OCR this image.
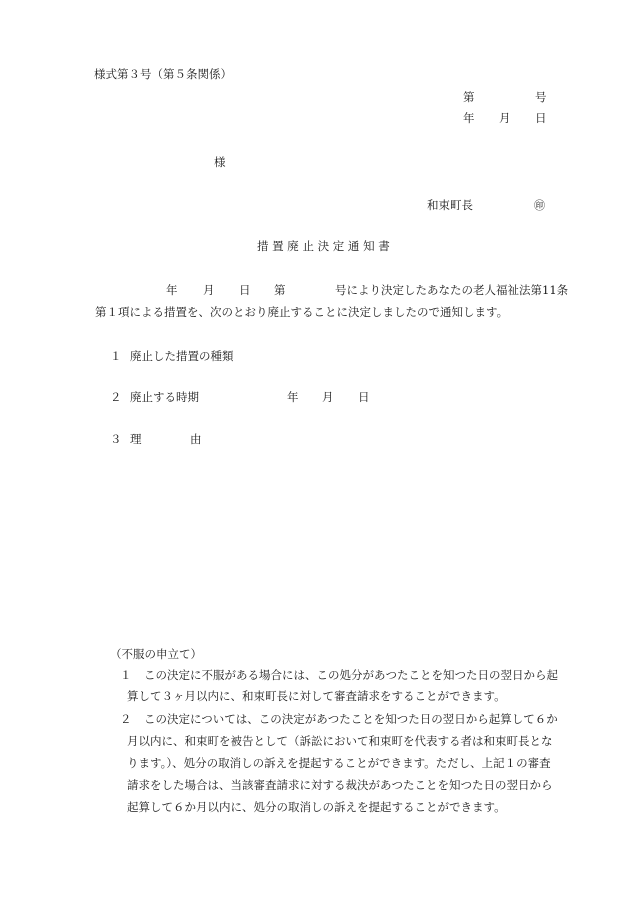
様式第３号（第５条関係）
第	号
年 月 日
様
和束町長	㊞
措 置 廃 止 決 定 通 知 書
年 月 日 第	号により決定したあなたの老人福祉法第11条
第１項による措置を、次のとおり廃止することに決定しましたので通知します。
１ 廃止した措置の種類
２ 廃止する時期	年 月 日
３ 理	由
（不服の申立て）
１ この決定に不服がある場合には、この処分があつたことを知つた日の翌日から起
算して３ヶ月以内に、和束町長に対して審査請求をすることができます。
２ この決定については、この決定があつたことを知つた日の翌日から起算して６か
月以内に、和束町を被告として（訴訟において和束町を代表する者は和束町長とな
ります。）、処分の取消しの訴えを提起することができます。ただし、上記１の審査
請求をした場合は、当該審査請求に対する裁決があつたことを知つた日の翌日から
起算して６か月以内に、処分の取消しの訴えを提起することができます。
